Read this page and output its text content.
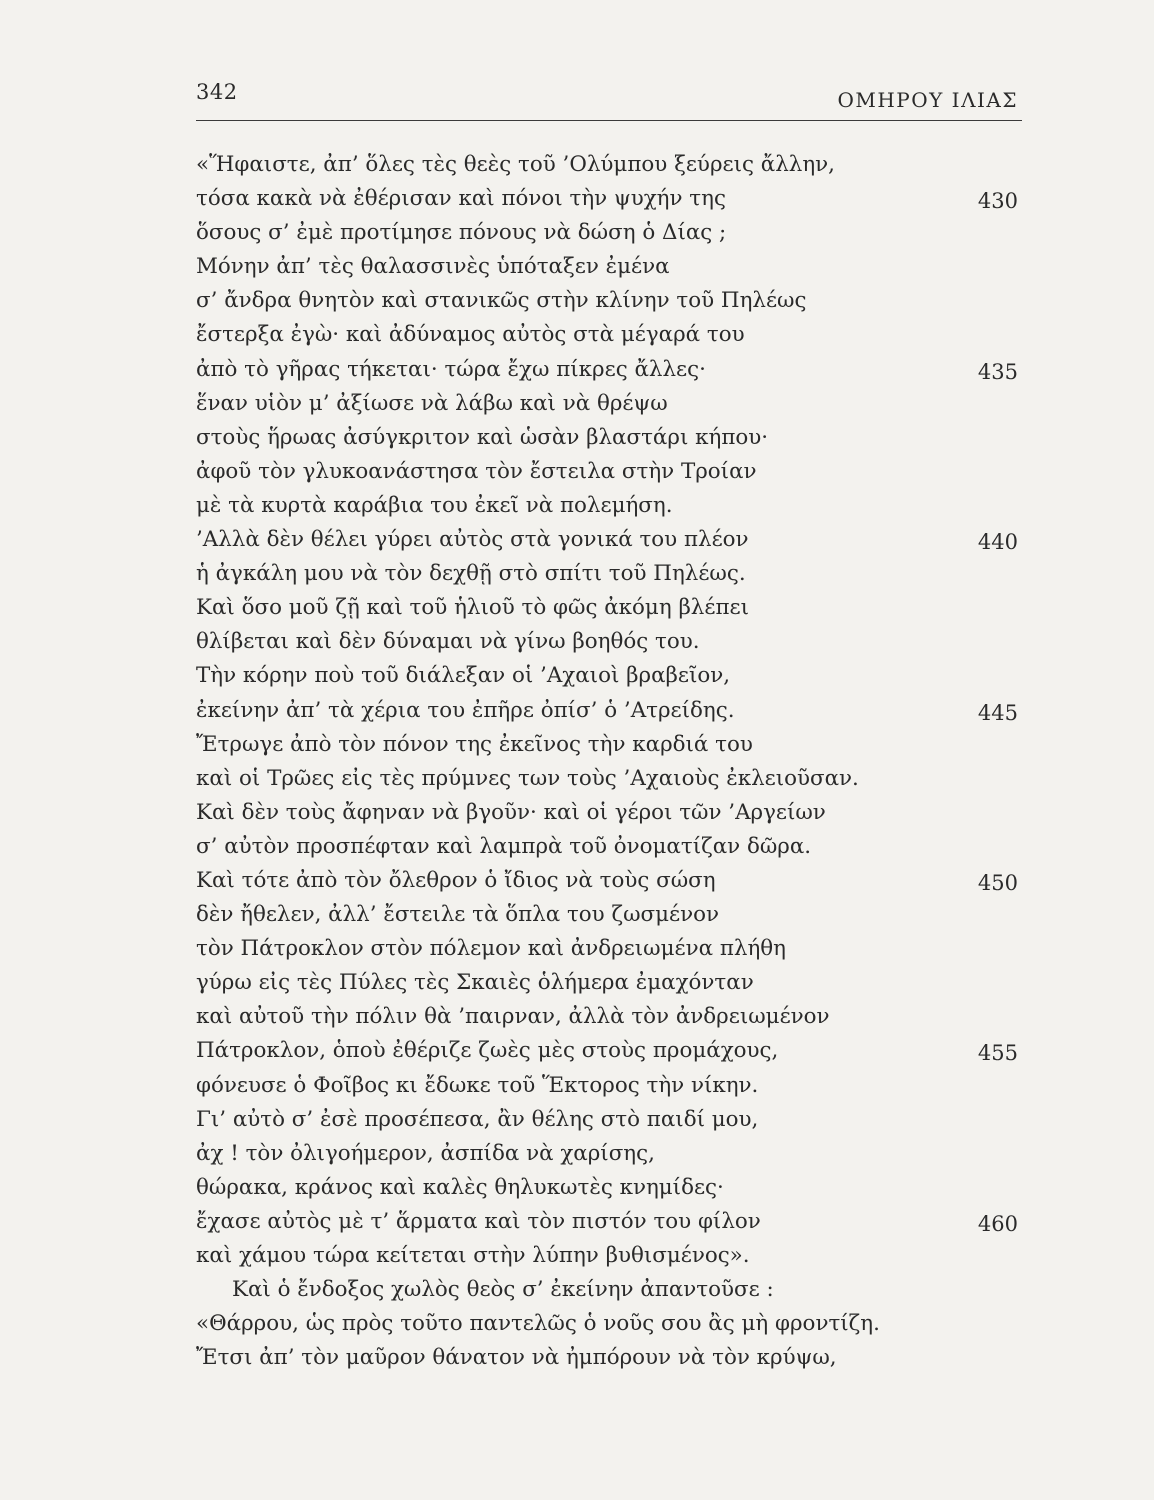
342	ΟΜΗΡΟΥ ΙΛΙΑΣ
«Ἥφαιστε, ἀπ’ ὅλες τὲς θεὲς τοῦ ’Ολύμπου ξεύρεις ἄλλην,
τόσα κακὰ νὰ ἐθέρισαν καὶ πόνοι τὴν ψυχήν της	430
ὅσους σ’ ἐμὲ προτίμησε πόνους νὰ δώση ὁ Δίας ;
Μόνην ἀπ’ τὲς θαλασσινὲς ὑπόταξεν ἐμένα
σ’ ἄνδρα θνητὸν καὶ στανικῶς στὴν κλίνην τοῦ Πηλέως
ἔστερξα ἐγὼ· καὶ ἀδύναμος αὐτὸς στὰ μέγαρά του
ἀπὸ τὸ γῆρας τήκεται· τώρα ἔχω πίκρες ἄλλες·	435
ἕναν υἱὸν μ’ ἀξίωσε νὰ λάβω καὶ νὰ θρέψω
στοὺς ἥρωας ἀσύγκριτον καὶ ὡσὰν βλαστάρι κήπου·
ἀφοῦ τὸν γλυκοανάστησα τὸν ἔστειλα στὴν Τροίαν
μὲ τὰ κυρτὰ καράβια του ἐκεῖ νὰ πολεμήση.
’Αλλὰ δὲν θέλει γύρει αὐτὸς στὰ γονικά του πλέον	440
ἡ ἀγκάλη μου νὰ τὸν δεχθῇ στὸ σπίτι τοῦ Πηλέως.
Καὶ ὅσο μοῦ ζῇ καὶ τοῦ ἡλιοῦ τὸ φῶς ἀκόμη βλέπει
θλίβεται καὶ δὲν δύναμαι νὰ γίνω βοηθός του.
Τὴν κόρην ποὺ τοῦ διάλεξαν οἱ ’Αχαιοὶ βραβεῖον,
ἐκείνην ἀπ’ τὰ χέρια του ἐπῆρε ὀπίσ’ ὁ ’Ατρείδης.	445
Ἔτρωγε ἀπὸ τὸν πόνον της ἐκεῖνος τὴν καρδιά του
καὶ οἱ Τρῶες εἰς τὲς πρύμνες των τοὺς ’Αχαιοὺς ἐκλειοῦσαν.
Καὶ δὲν τοὺς ἄφηναν νὰ βγοῦν· καὶ οἱ γέροι τῶν ’Αργείων
σ’ αὐτὸν προσπέφταν καὶ λαμπρὰ τοῦ ὀνοματίζαν δῶρα.
Καὶ τότε ἀπὸ τὸν ὄλεθρον ὁ ἴδιος νὰ τοὺς σώση	450
δὲν ἤθελεν, ἀλλ’ ἔστειλε τὰ ὅπλα του ζωσμένον
τὸν Πάτροκλον στὸν πόλεμον καὶ ἀνδρειωμένα πλήθη
γύρω εἰς τὲς Πύλες τὲς Σκαιὲς ὁλήμερα ἐμαχόνταν
καὶ αὐτοῦ τὴν πόλιν θὰ ’παιρναν, ἀλλὰ τὸν ἀνδρειωμένον
Πάτροκλον, ὁποὺ ἐθέριζε ζωὲς μὲς στοὺς προμάχους,	455
φόνευσε ὁ Φοῖβος κι ἔδωκε τοῦ Ἕκτορος τὴν νίκην.
Γι’ αὐτὸ σ’ ἐσὲ προσέπεσα, ἂν θέλης στὸ παιδί μου,
ἀχ ! τὸν ὀλιγοήμερον, ἀσπίδα νὰ χαρίσης,
θώρακα, κράνος καὶ καλὲς θηλυκωτὲς κνημίδες·
ἔχασε αὐτὸς μὲ τ’ ἅρματα καὶ τὸν πιστόν του φίλον	460
καὶ χάμου τώρα κείτεται στὴν λύπην βυθισμένος».
Καὶ ὁ ἔνδοξος χωλὸς θεὸς σ’ ἐκείνην ἀπαντοῦσε :
«Θάρρου, ὡς πρὸς τοῦτο παντελῶς ὁ νοῦς σου ἂς μὴ φροντίζη.
Ἔτσι ἀπ’ τὸν μαῦρον θάνατον νὰ ἠμπόρουν νὰ τὸν κρύψω,
